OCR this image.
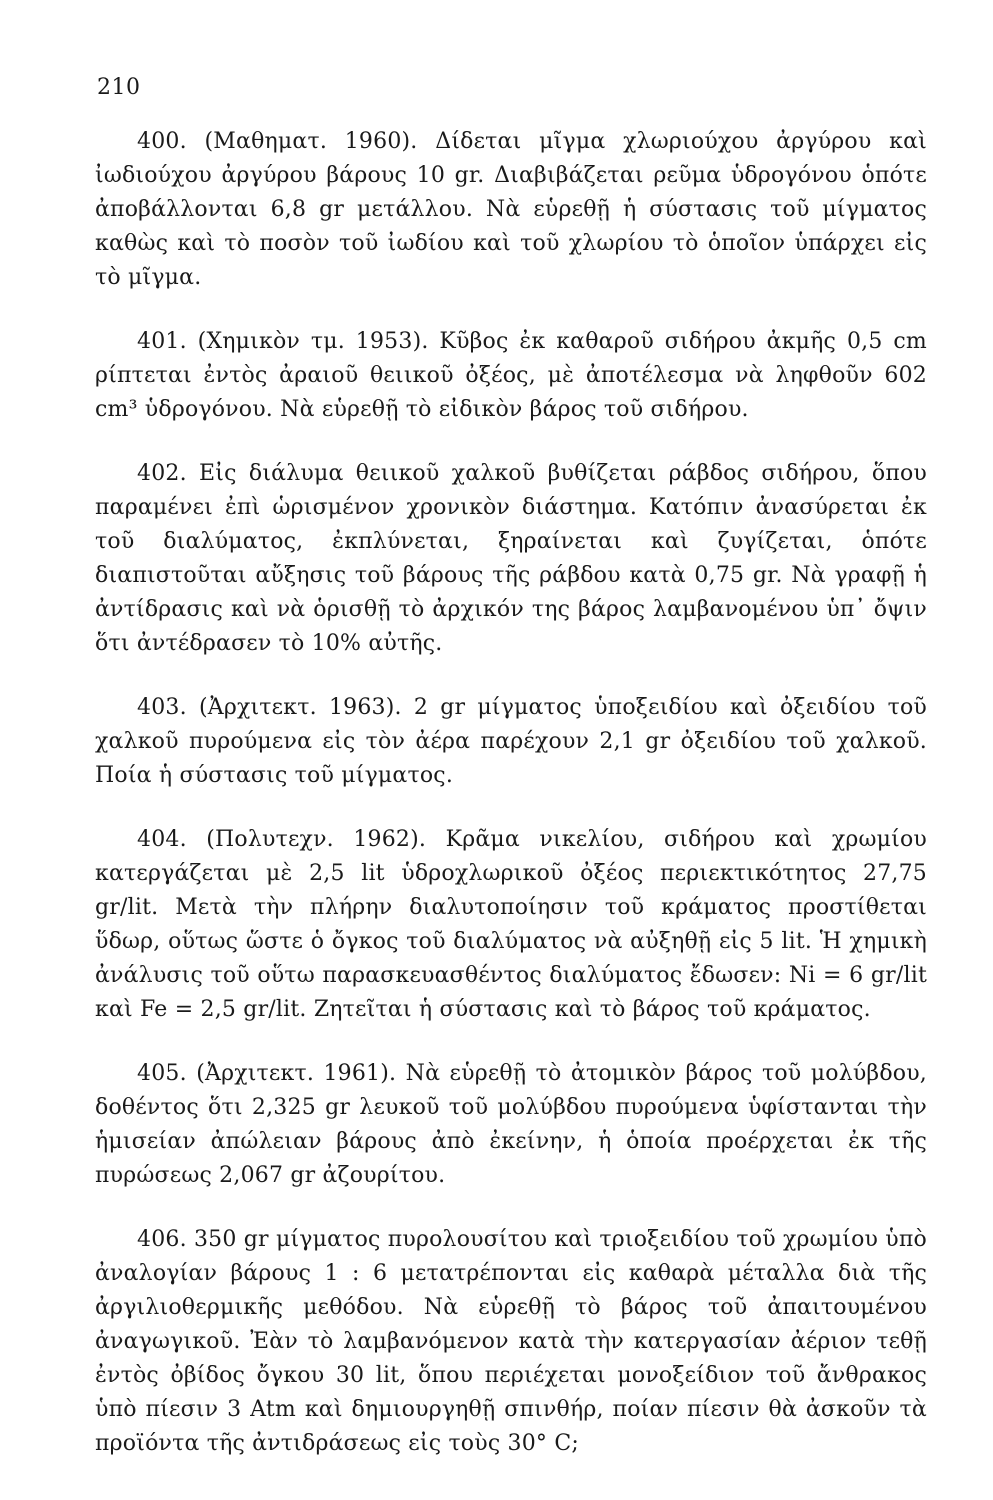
210

400. (Μαθηματ. 1960). Δίδεται μῖγμα χλωριούχου ἀργύρου καὶ ἰωδιούχου ἀργύρου βάρους 10 gr. Διαβιβάζεται ρεῦμα ὑδρογόνου ὁπότε ἀποβάλλονται 6,8 gr μετάλλου. Νὰ εὑρεθῇ ἡ σύστασις τοῦ μίγματος καθὼς καὶ τὸ ποσὸν τοῦ ἰωδίου καὶ τοῦ χλωρίου τὸ ὁποῖον ὑπάρχει εἰς τὸ μῖγμα.

401. (Χημικὸν τμ. 1953). Κῦβος ἐκ καθαροῦ σιδήρου ἀκμῆς 0,5 cm ρίπτεται ἐντὸς ἀραιοῦ θειικοῦ ὀξέος, μὲ ἀποτέλεσμα νὰ ληφθοῦν 602 cm³ ὑδρογόνου. Νὰ εὑρεθῇ τὸ εἰδικὸν βάρος τοῦ σιδήρου.

402. Εἰς διάλυμα θειικοῦ χαλκοῦ βυθίζεται ράβδος σιδήρου, ὅπου παραμένει ἐπὶ ὡρισμένον χρονικὸν διάστημα. Κατόπιν ἀνασύρεται ἐκ τοῦ διαλύματος, ἐκπλύνεται, ξηραίνεται καὶ ζυγίζεται, ὁπότε διαπιστοῦται αὔξησις τοῦ βάρους τῆς ράβδου κατὰ 0,75 gr. Νὰ γραφῇ ἡ ἀντίδρασις καὶ νὰ ὁρισθῇ τὸ ἀρχικόν της βάρος λαμβανομένου ὑπ᾿ ὄψιν ὅτι ἀντέδρασεν τὸ 10% αὐτῆς.

403. (Ἀρχιτεκτ. 1963). 2 gr μίγματος ὑποξειδίου καὶ ὀξειδίου τοῦ χαλκοῦ πυρούμενα εἰς τὸν ἀέρα παρέχουν 2,1 gr ὀξειδίου τοῦ χαλκοῦ. Ποία ἡ σύστασις τοῦ μίγματος.

404. (Πολυτεχν. 1962). Κρᾶμα νικελίου, σιδήρου καὶ χρωμίου κατεργάζεται μὲ 2,5 lit ὑδροχλωρικοῦ ὀξέος περιεκτικότητος 27,75 gr/lit. Μετὰ τὴν πλήρην διαλυτοποίησιν τοῦ κράματος προστίθεται ὕδωρ, οὕτως ὥστε ὁ ὄγκος τοῦ διαλύματος νὰ αὐξηθῇ εἰς 5 lit. Ἡ χημικὴ ἀνάλυσις τοῦ οὕτω παρασκευασθέντος διαλύματος ἔδωσεν: Ni = 6 gr/lit καὶ Fe = 2,5 gr/lit. Ζητεῖται ἡ σύστασις καὶ τὸ βάρος τοῦ κράματος.

405. (Ἀρχιτεκτ. 1961). Νὰ εὑρεθῇ τὸ ἀτομικὸν βάρος τοῦ μολύβδου, δοθέντος ὅτι 2,325 gr λευκοῦ τοῦ μολύβδου πυρούμενα ὑφίστανται τὴν ἡμισείαν ἀπώλειαν βάρους ἀπὸ ἐκείνην, ἡ ὁποία προέρχεται ἐκ τῆς πυρώσεως 2,067 gr ἀζουρίτου.

406. 350 gr μίγματος πυρολουσίτου καὶ τριοξειδίου τοῦ χρωμίου ὑπὸ ἀναλογίαν βάρους 1 : 6 μετατρέπονται εἰς καθαρὰ μέταλλα διὰ τῆς ἀργιλιοθερμικῆς μεθόδου. Νὰ εὑρεθῇ τὸ βάρος τοῦ ἀπαιτουμένου ἀναγωγικοῦ. Ἐὰν τὸ λαμβανόμενον κατὰ τὴν κατεργασίαν ἀέριον τεθῇ ἐντὸς ὀβίδος ὄγκου 30 lit, ὅπου περιέχεται μονοξείδιον τοῦ ἄνθρακος ὑπὸ πίεσιν 3 Atm καὶ δημιουργηθῇ σπινθήρ, ποίαν πίεσιν θὰ ἀσκοῦν τὰ προϊόντα τῆς ἀντιδράσεως εἰς τοὺς 30° C;
